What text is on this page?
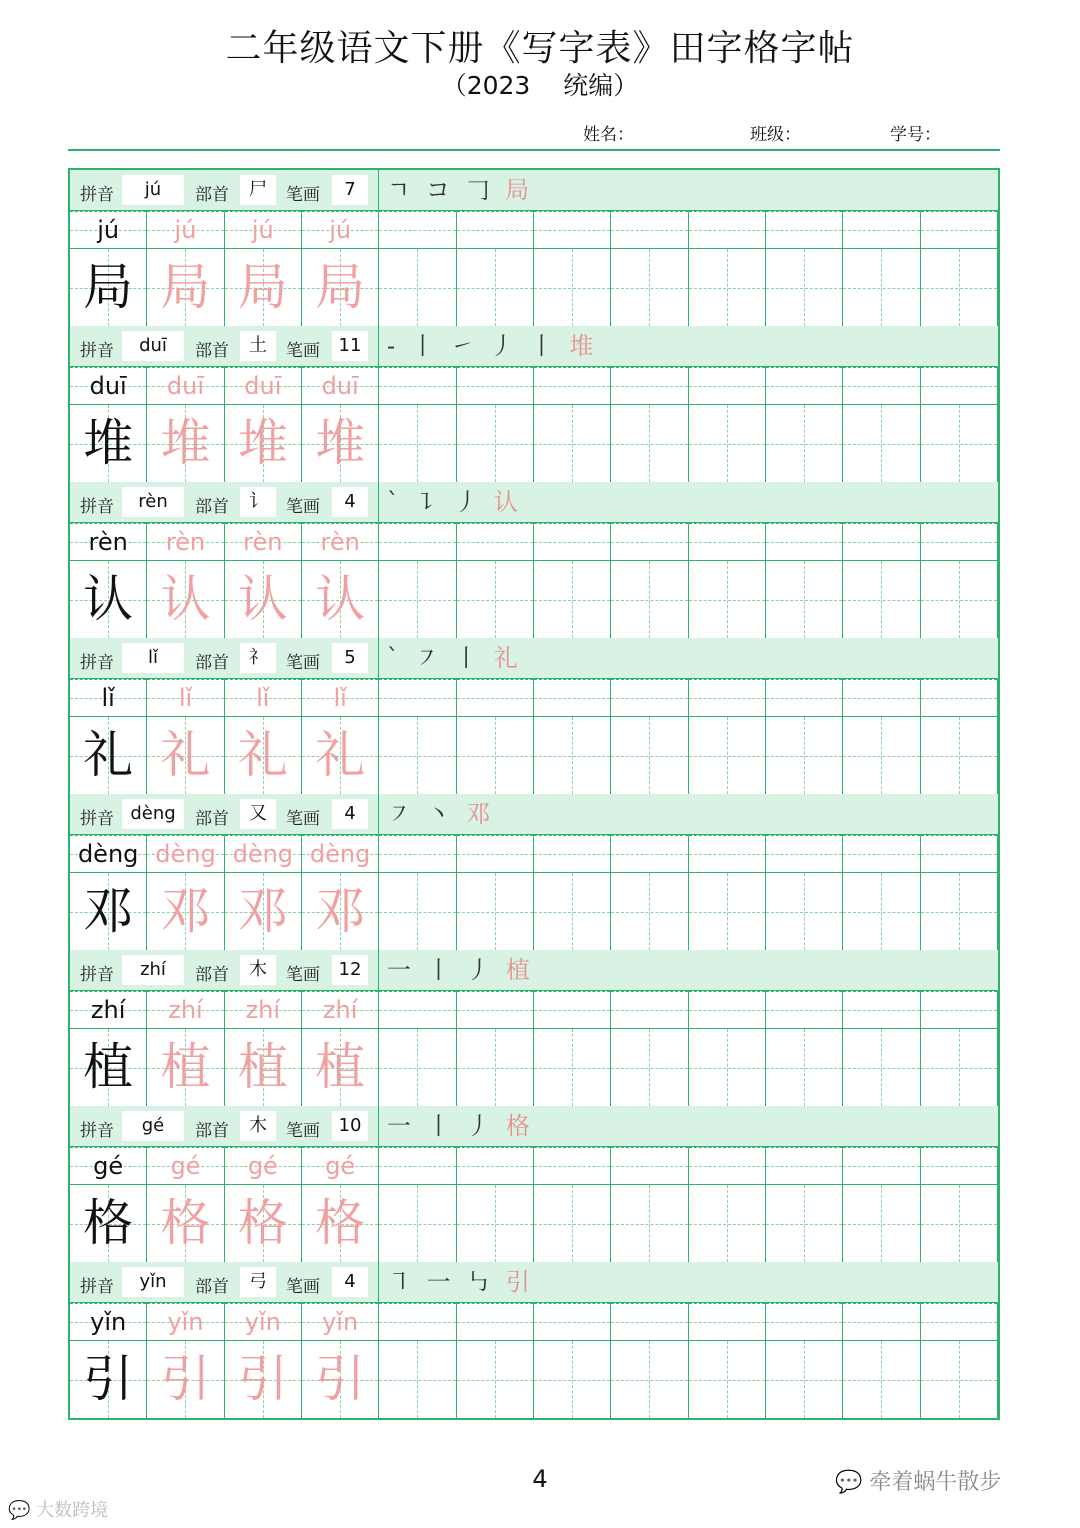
二年级语文下册《写字表》田字格字帖
（2023　 统编）
姓名：	班级：	学号：
拼音	jú	部首	尸	笔画	7	ㄱ コ 𠃌 局
jú
局
jú
局
jú
局
jú
局
拼音	duī	部首	土	笔画	11	- 丨 ㇀ 丿 丨 堆
duī
堆
duī
堆
duī
堆
duī
堆
拼音	rèn	部首	讠	笔画	4	` ㇊ 丿 认
rèn
认
rèn
认
rèn
认
rèn
认
拼音	lǐ	部首	礻	笔画	5	` ㇇ 丨 礼
lǐ
礼
lǐ
礼
lǐ
礼
lǐ
礼
拼音 dèng	部首	又	笔画	4	㇇ 丶 邓
dèng
邓
dèng
邓
dèng
邓
dèng
邓
拼音	zhí	部首	木	笔画	12	一 丨 丿 植
zhí
植
zhí
植
zhí
植
zhí
植
拼音	gé	部首	木	笔画	10	一 丨 丿 格
gé
格
gé
格
gé
格
gé
格
拼音	yǐn	部首	弓	笔画	4	㇕ 一 ㇉ 引
yǐn
引
yǐn
引
yǐn
引
yǐn
引
4	💬 牵着蜗牛散步
💬 大数跨境
